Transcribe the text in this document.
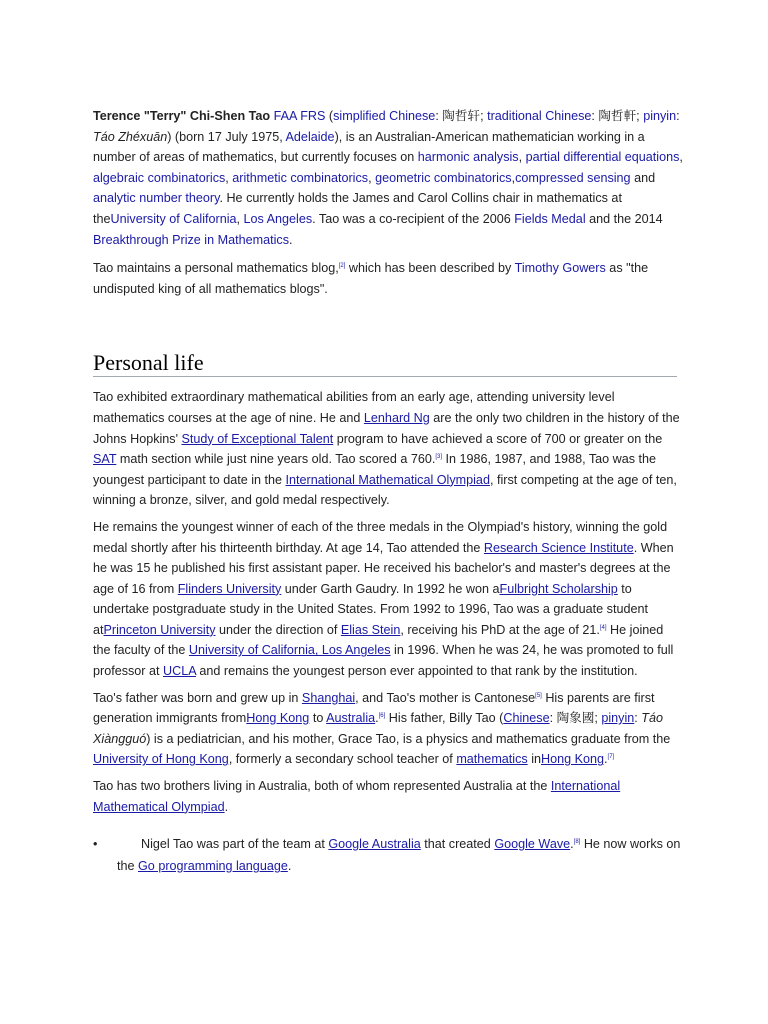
Terence "Terry" Chi-Shen Tao FAA FRS (simplified Chinese: 陶哲轩; traditional Chinese: 陶哲軒; pinyin: Táo Zhéxuān) (born 17 July 1975, Adelaide), is an Australian-American mathematician working in a number of areas of mathematics, but currently focuses on harmonic analysis, partial differential equations, algebraic combinatorics, arithmetic combinatorics, geometric combinatorics,compressed sensing and analytic number theory. He currently holds the James and Carol Collins chair in mathematics at theUniversity of California, Los Angeles. Tao was a co-recipient of the 2006 Fields Medal and the 2014 Breakthrough Prize in Mathematics.

Tao maintains a personal mathematics blog,[2] which has been described by Timothy Gowers as "the undisputed king of all mathematics blogs".

Personal life

Tao exhibited extraordinary mathematical abilities from an early age, attending university level mathematics courses at the age of nine. He and Lenhard Ng are the only two children in the history of the Johns Hopkins' Study of Exceptional Talent program to have achieved a score of 700 or greater on the SAT math section while just nine years old. Tao scored a 760.[3] In 1986, 1987, and 1988, Tao was the youngest participant to date in the International Mathematical Olympiad, first competing at the age of ten, winning a bronze, silver, and gold medal respectively.

He remains the youngest winner of each of the three medals in the Olympiad's history, winning the gold medal shortly after his thirteenth birthday. At age 14, Tao attended the Research Science Institute. When he was 15 he published his first assistant paper. He received his bachelor's and master's degrees at the age of 16 from Flinders University under Garth Gaudry. In 1992 he won aFulbright Scholarship to undertake postgraduate study in the United States. From 1992 to 1996, Tao was a graduate student atPrinceton University under the direction of Elias Stein, receiving his PhD at the age of 21.[4] He joined the faculty of the University of California, Los Angeles in 1996. When he was 24, he was promoted to full professor at UCLA and remains the youngest person ever appointed to that rank by the institution.

Tao's father was born and grew up in Shanghai, and Tao's mother is Cantonese[5] His parents are first generation immigrants fromHong Kong to Australia.[6] His father, Billy Tao (Chinese: 陶象國; pinyin: Táo Xiàngguó) is a pediatrician, and his mother, Grace Tao, is a physics and mathematics graduate from the University of Hong Kong, formerly a secondary school teacher of mathematics inHong Kong.[7]

Tao has two brothers living in Australia, both of whom represented Australia at the International Mathematical Olympiad.

•	Nigel Tao was part of the team at Google Australia that created Google Wave.[8] He now works on the Go programming language.
